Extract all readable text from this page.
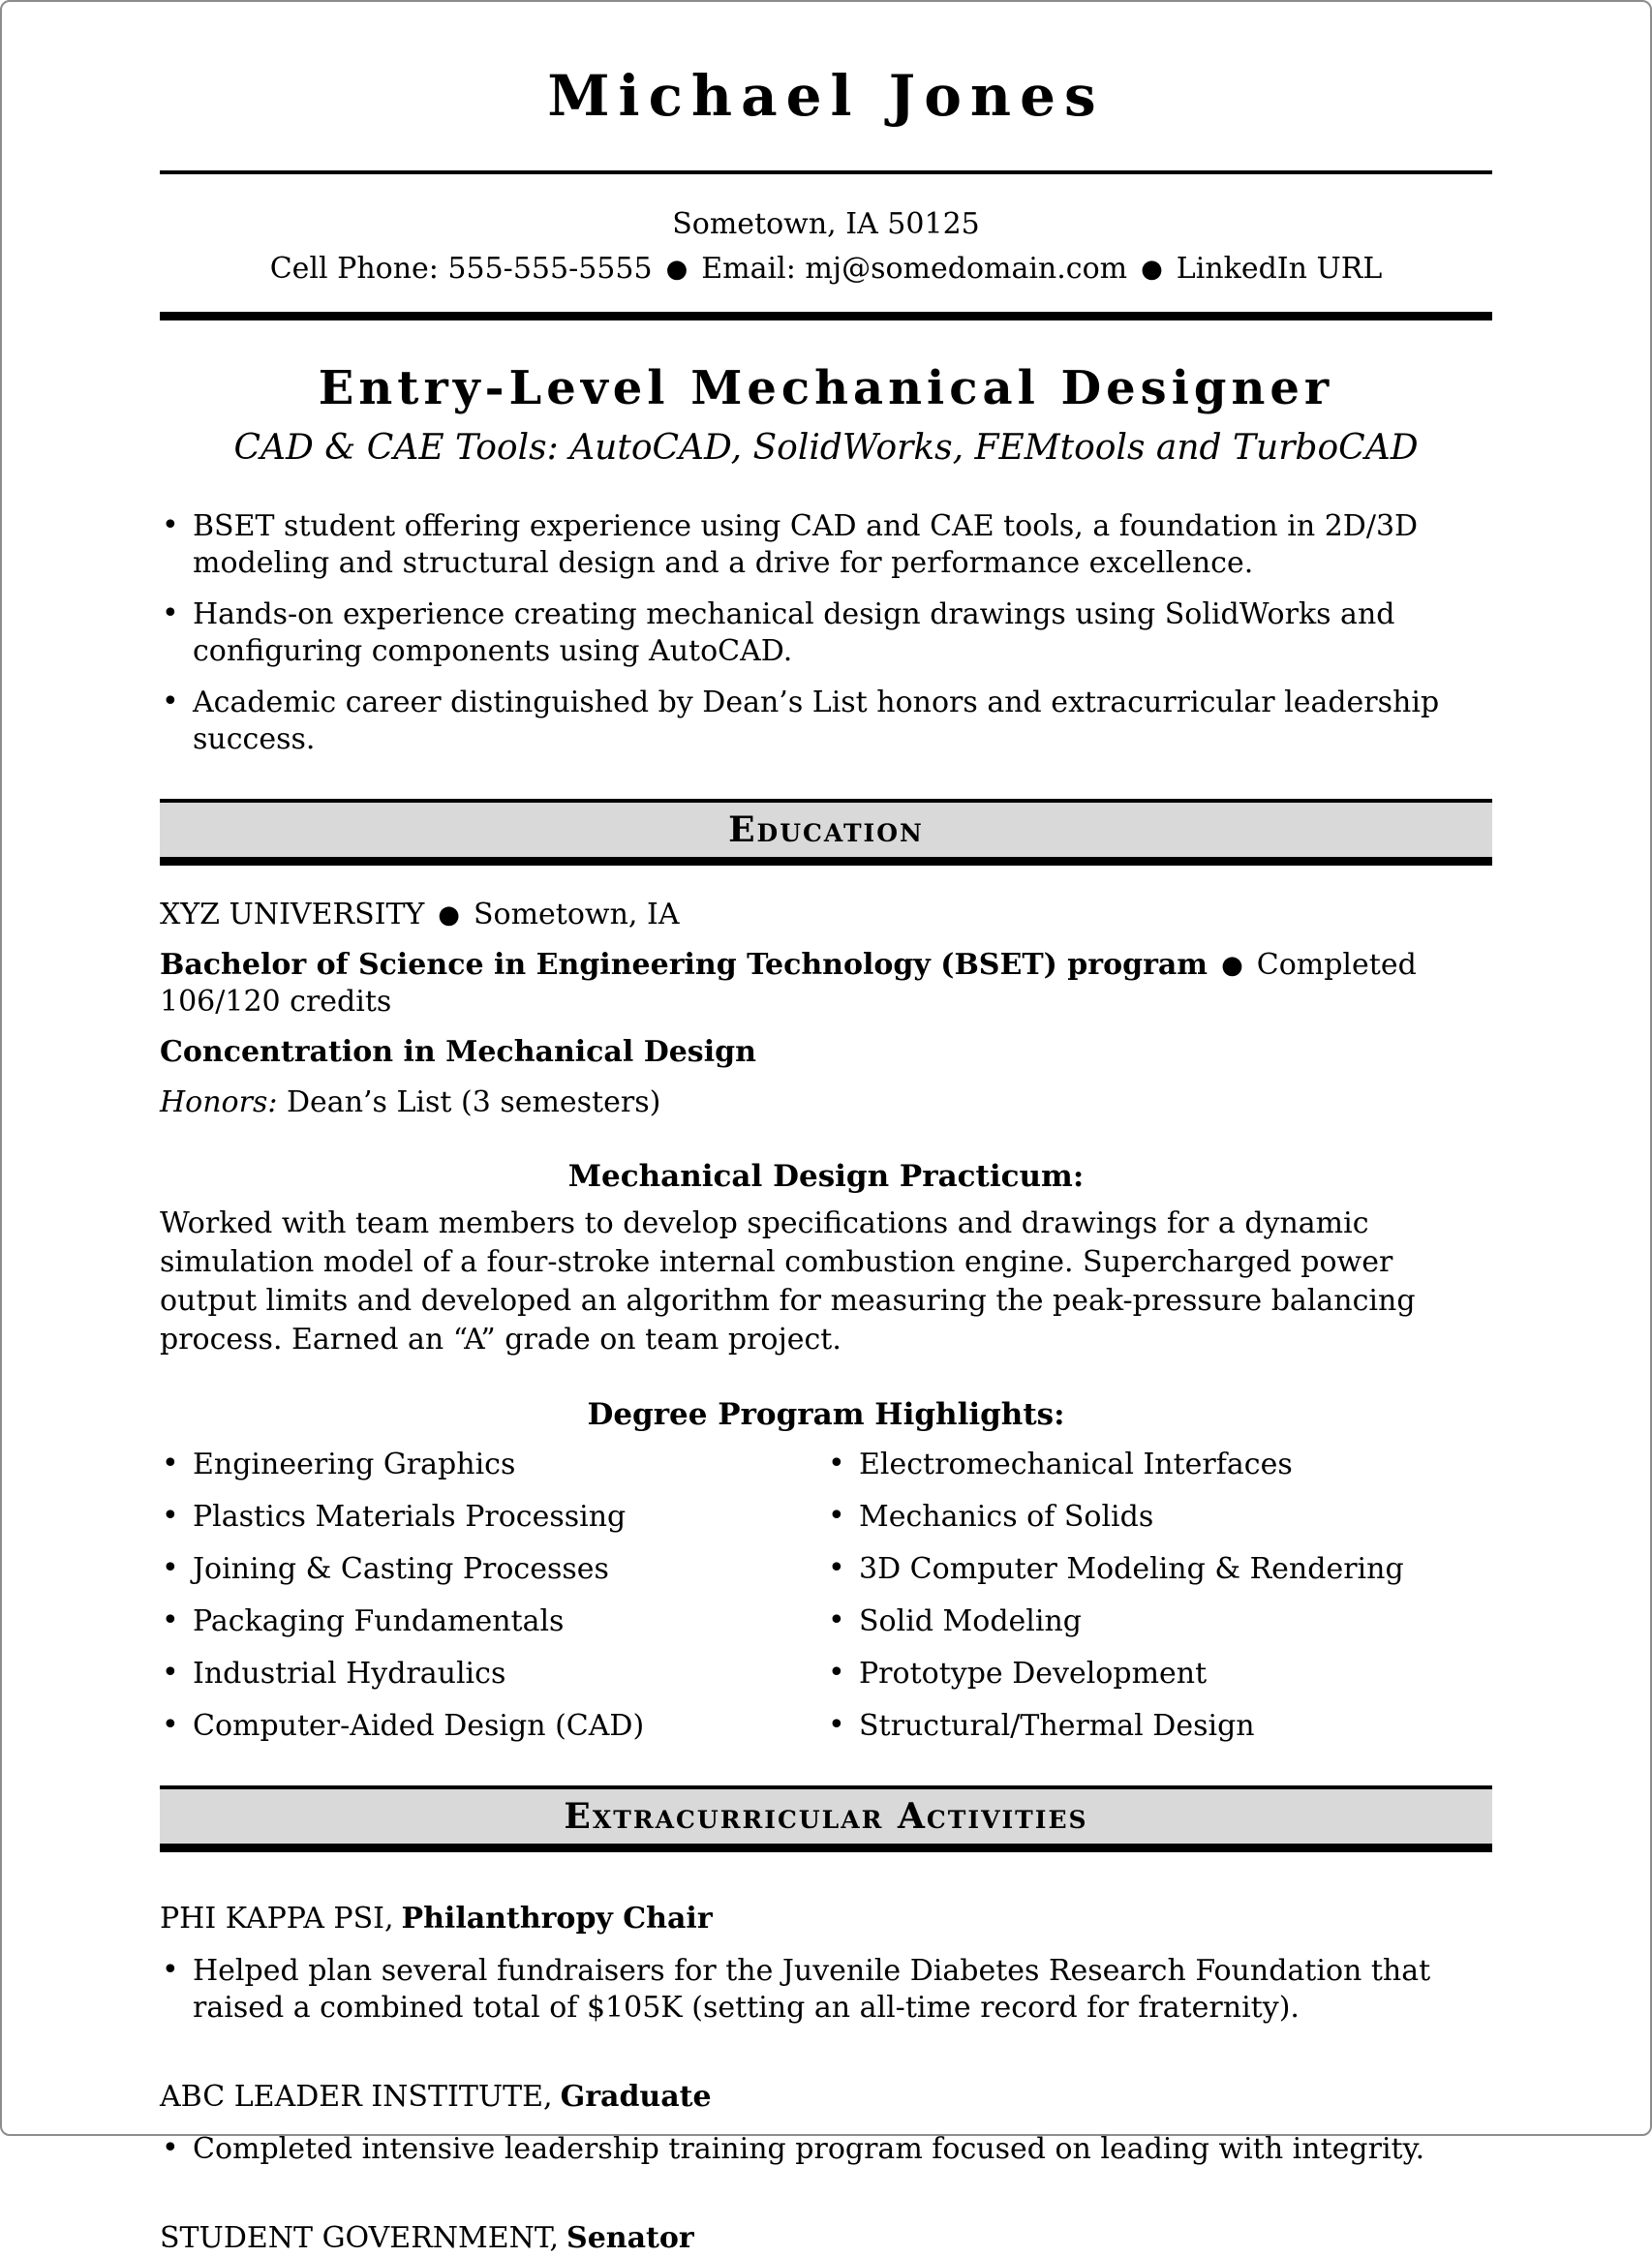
Michael Jones
Sometown, IA 50125
Cell Phone: 555-555-5555 ● Email: mj@somedomain.com ● LinkedIn URL
Entry-Level Mechanical Designer
CAD & CAE Tools: AutoCAD, SolidWorks, FEMtools and TurboCAD
• BSET student offering experience using CAD and CAE tools, a foundation in 2D/3D modeling and structural design and a drive for performance excellence.
• Hands-on experience creating mechanical design drawings using SolidWorks and configuring components using AutoCAD.
• Academic career distinguished by Dean’s List honors and extracurricular leadership success.
Education
XYZ UNIVERSITY ● Sometown, IA
Bachelor of Science in Engineering Technology (BSET) program ● Completed 106/120 credits
Concentration in Mechanical Design
Honors: Dean’s List (3 semesters)
Mechanical Design Practicum:
Worked with team members to develop specifications and drawings for a dynamic simulation model of a four-stroke internal combustion engine. Supercharged power output limits and developed an algorithm for measuring the peak-pressure balancing process. Earned an “A” grade on team project.
Degree Program Highlights:
• Engineering Graphics
• Plastics Materials Processing
• Joining & Casting Processes
• Packaging Fundamentals
• Industrial Hydraulics
• Computer-Aided Design (CAD)
• Electromechanical Interfaces
• Mechanics of Solids
• 3D Computer Modeling & Rendering
• Solid Modeling
• Prototype Development
• Structural/Thermal Design
Extracurricular Activities
PHI KAPPA PSI, Philanthropy Chair
• Helped plan several fundraisers for the Juvenile Diabetes Research Foundation that raised a combined total of $105K (setting an all-time record for fraternity).
ABC LEADER INSTITUTE, Graduate
• Completed intensive leadership training program focused on leading with integrity.
STUDENT GOVERNMENT, Senator
